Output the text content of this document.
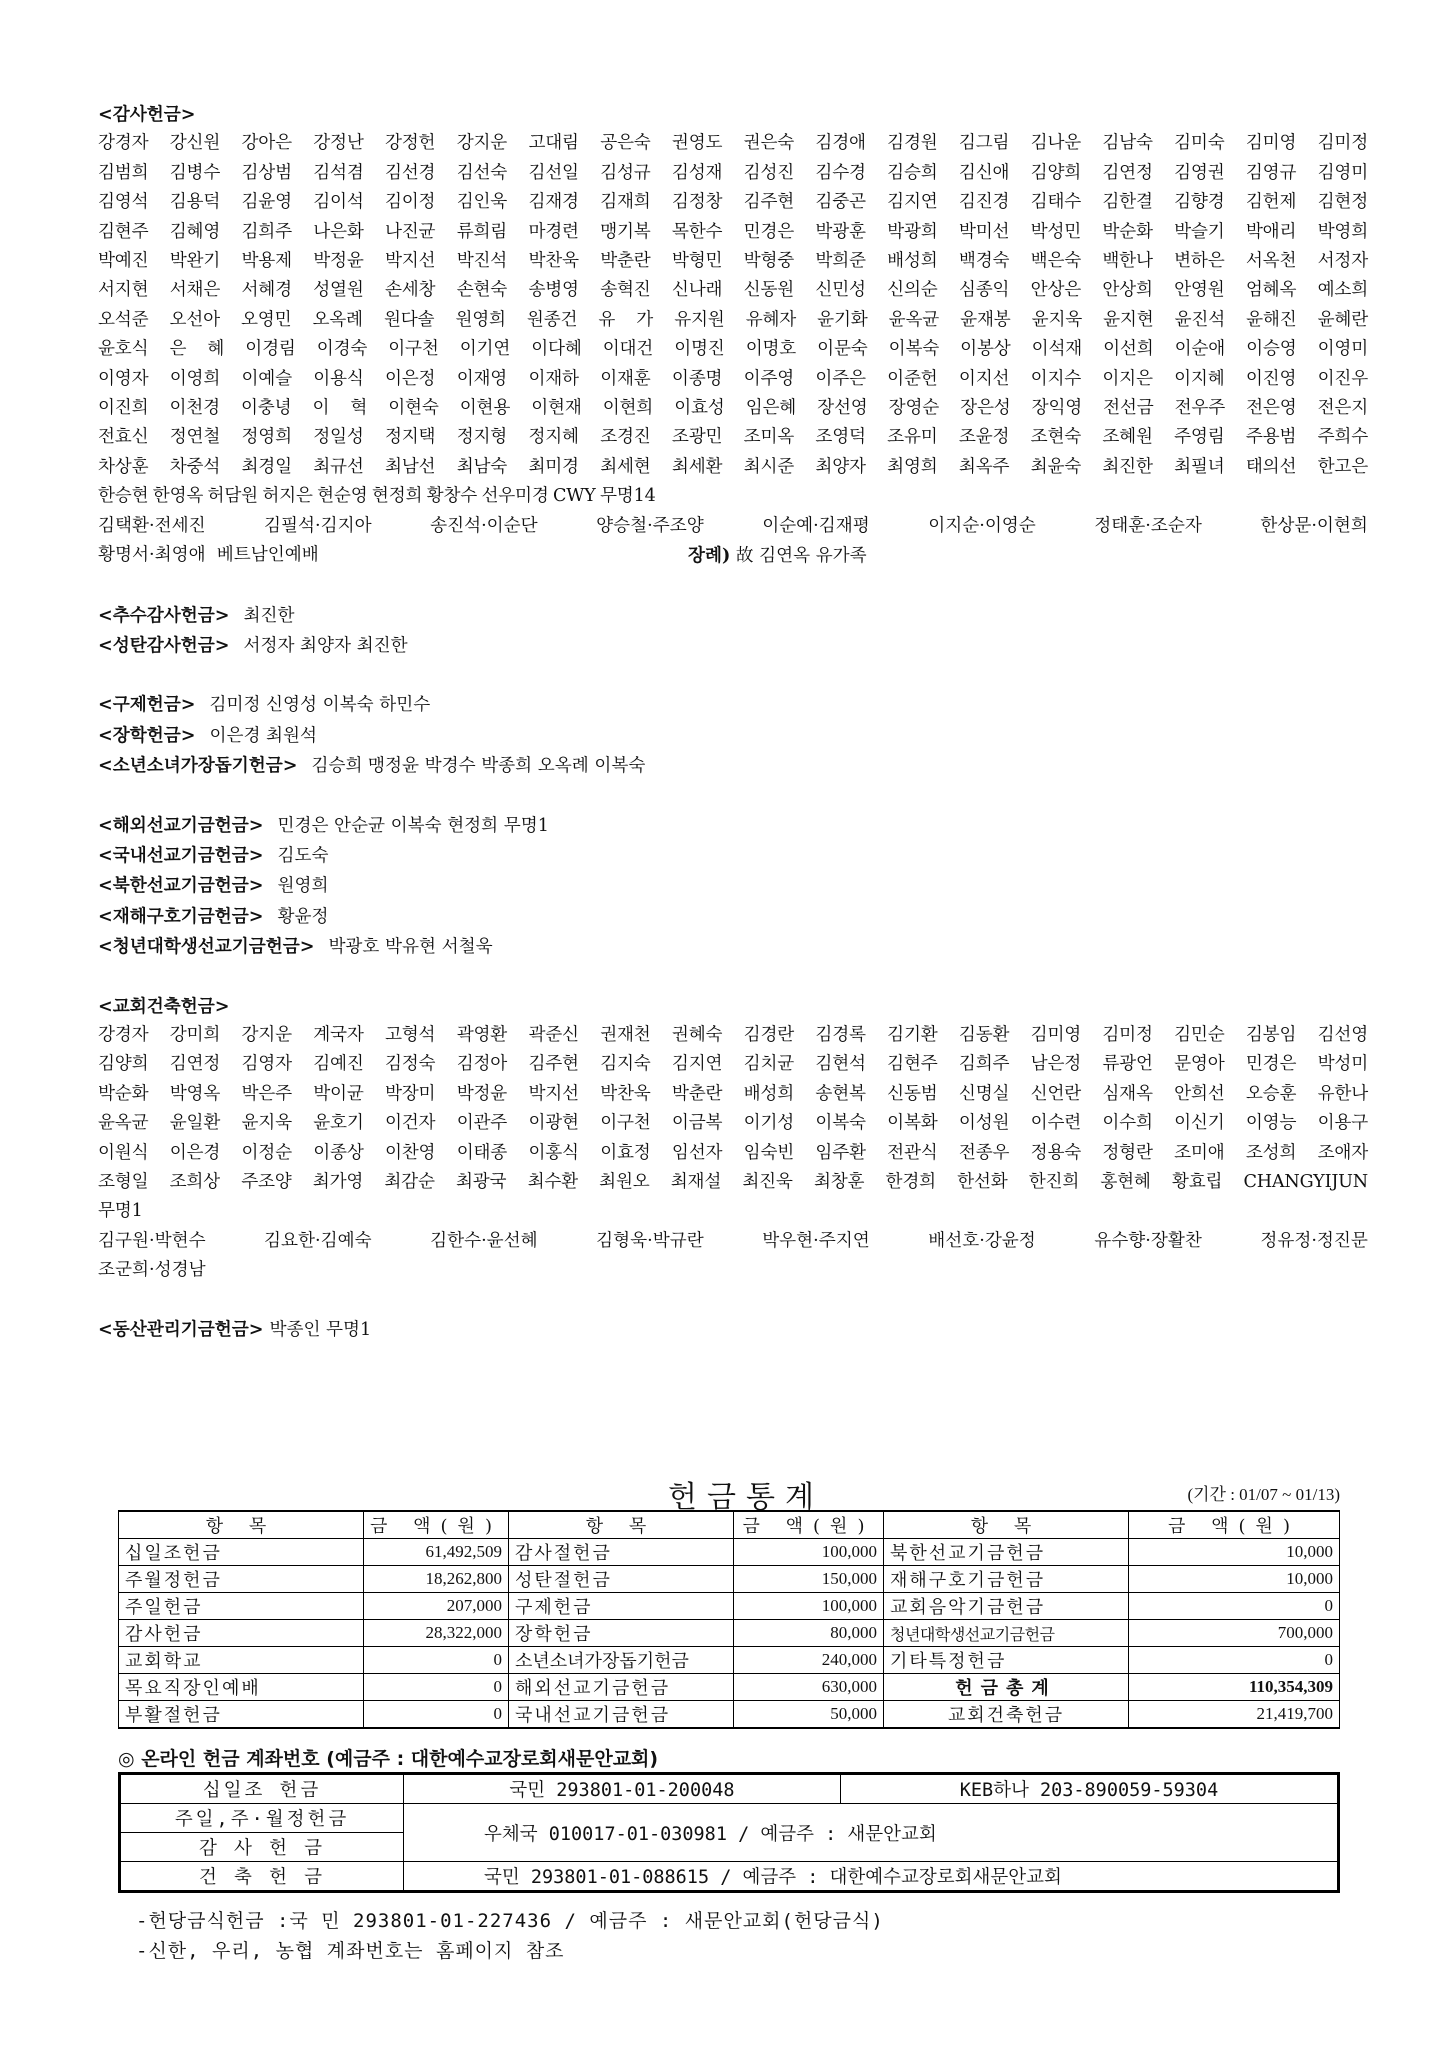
<감사헌금>
강경자 강신원 강아은 강정난 강정헌 강지운 고대림 공은숙 권영도 권은숙 김경애 김경원 김그림 김나운 김남숙 김미숙 김미영 김미정
김범희 김병수 김상범 김석겸 김선경 김선숙 김선일 김성규 김성재 김성진 김수경 김승희 김신애 김양희 김연정 김영권 김영규 김영미
김영석 김용덕 김윤영 김이석 김이정 김인욱 김재경 김재희 김정창 김주현 김중곤 김지연 김진경 김태수 김한결 김향경 김헌제 김현정
김현주 김혜영 김희주 나은화 나진균 류희림 마경련 맹기복 목한수 민경은 박광훈 박광희 박미선 박성민 박순화 박슬기 박애리 박영희
박예진 박완기 박용제 박정윤 박지선 박진석 박찬욱 박춘란 박형민 박형중 박희준 배성희 백경숙 백은숙 백한나 변하은 서옥천 서정자
서지현 서채은 서혜경 성열원 손세창 손현숙 송병영 송혁진 신나래 신동원 신민성 신의순 심종익 안상은 안상희 안영원 엄혜옥 예소희
오석준 오선아 오영민 오옥례 원다솔 원영희 원종건 유 가 유지원 유혜자 윤기화 윤옥균 윤재봉 윤지욱 윤지현 윤진석 윤해진 윤혜란
윤호식 은 혜 이경림 이경숙 이구천 이기연 이다혜 이대건 이명진 이명호 이문숙 이복숙 이봉상 이석재 이선희 이순애 이승영 이영미
이영자 이영희 이예슬 이용식 이은정 이재영 이재하 이재훈 이종명 이주영 이주은 이준헌 이지선 이지수 이지은 이지혜 이진영 이진우
이진희 이천경 이충녕 이 혁 이현숙 이현용 이현재 이현희 이효성 임은혜 장선영 장영순 장은성 장익영 전선금 전우주 전은영 전은지
전효신 정연철 정영희 정일성 정지택 정지형 정지혜 조경진 조광민 조미옥 조영덕 조유미 조윤정 조현숙 조혜원 주영림 주용범 주희수
차상훈 차중석 최경일 최규선 최남선 최남숙 최미경 최세현 최세환 최시준 최양자 최영희 최옥주 최윤숙 최진한 최필녀 태의선 한고은
한승현 한영옥 허담원 허지은 현순영 현정희 황창수 선우미경 CWY 무명14
김택환·전세진	김필석·김지아	송진석·이순단	양승철·주조양	이순예·김재평	이지순·이영순	정태훈·조순자	한상문·이현희
황명서·최영애  베트남인예배	장례) 故 김연옥 유가족
<추수감사헌금> 최진한
<성탄감사헌금> 서정자 최양자 최진한
<구제헌금> 김미정 신영성 이복숙 하민수
<장학헌금> 이은경 최원석
<소년소녀가장돕기헌금> 김승희 맹정윤 박경수 박종희 오옥례 이복숙
<해외선교기금헌금> 민경은 안순균 이복숙 현정희 무명1
<국내선교기금헌금> 김도숙
<북한선교기금헌금> 원영희
<재해구호기금헌금> 황윤정
<청년대학생선교기금헌금> 박광호 박유현 서철욱
<교회건축헌금>
강경자 강미희 강지운 계국자 고형석 곽영환 곽준신 권재천 권혜숙 김경란 김경록 김기환 김동환 김미영 김미정 김민순 김봉임 김선영
김양희 김연정 김영자 김예진 김정숙 김정아 김주현 김지숙 김지연 김치균 김현석 김현주 김희주 남은정 류광언 문영아 민경은 박성미
박순화 박영옥 박은주 박이균 박장미 박정윤 박지선 박찬욱 박춘란 배성희 송현복 신동범 신명실 신언란 심재옥 안희선 오승훈 유한나
윤옥균 윤일환 윤지욱 윤호기 이건자 이관주 이광현 이구천 이금복 이기성 이복숙 이복화 이성원 이수련 이수희 이신기 이영능 이용구
이원식 이은경 이정순 이종상 이찬영 이태종 이홍식 이효정 임선자 임숙빈 임주환 전관식 전종우 정용숙 정형란 조미애 조성희 조애자
조형일 조희상 주조양 최가영 최감순 최광국 최수환 최원오 최재설 최진욱 최창훈 한경희 한선화 한진희 홍현혜 황효립 CHANGYIJUN
무명1
김구원·박현수	김요한·김예숙	김한수·윤선혜	김형욱·박규란	박우현·주지연	배선호·강윤정	유수향·장활찬	정유정·정진문
조군희·성경남
<동산관리기금헌금> 박종인 무명1
헌금통계	(기간 : 01/07 ~ 01/13)
항 목	금 액(원)	항 목	금 액(원)	항 목	금 액(원)
십일조헌금	61,492,509	감사절헌금	100,000	북한선교기금헌금	10,000
주월정헌금	18,262,800	성탄절헌금	150,000	재해구호기금헌금	10,000
주일헌금	207,000	구제헌금	100,000	교회음악기금헌금	0
감사헌금	28,322,000	장학헌금	80,000	청년대학생선교기금헌금	700,000
교회학교	0	소년소녀가장돕기헌금	240,000	기타특정헌금	0
목요직장인예배	0	해외선교기금헌금	630,000	헌금총계	110,354,309
부활절헌금	0	국내선교기금헌금	50,000	교회건축헌금	21,419,700
◎ 온라인 헌금 계좌번호 (예금주 : 대한예수교장로회새문안교회)
십일조 헌금	국민 293801-01-200048	KEB하나 203-890059-59304
주일,주·월정헌금	우체국 010017-01-030981 / 예금주 : 새문안교회	
감 사 헌 금		
건 축 헌 금	국민 293801-01-088615 / 예금주 : 대한예수교장로회새문안교회	
-헌당금식헌금 :국 민 293801-01-227436 / 예금주 : 새문안교회(헌당금식)
-신한, 우리, 농협 계좌번호는 홈페이지 참조
